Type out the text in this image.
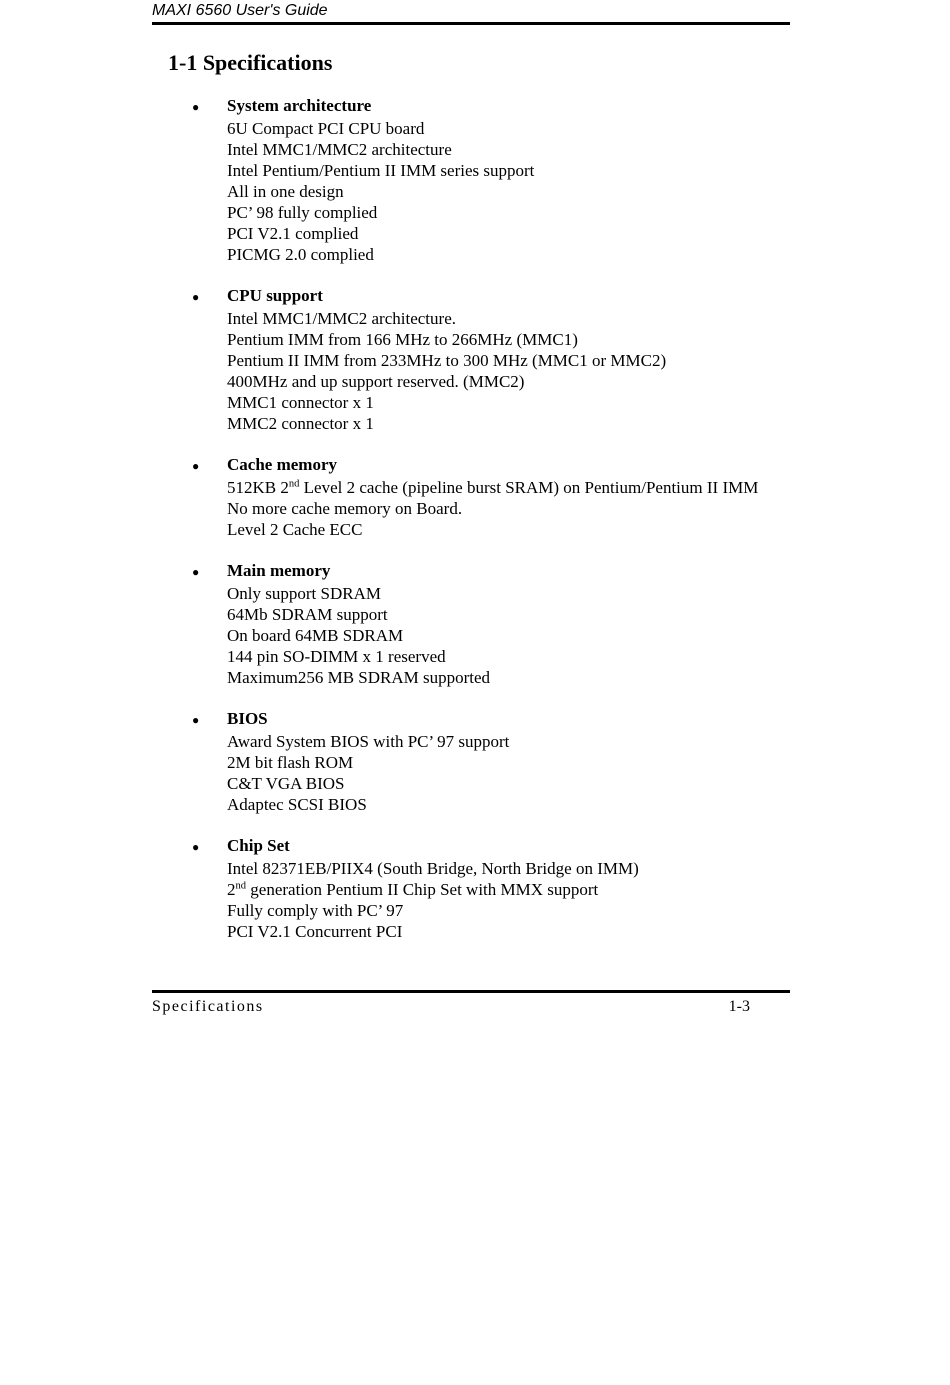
MAXI 6560 User's Guide
1-1 Specifications
●	System architecture
6U Compact PCI CPU board
Intel MMC1/MMC2 architecture
Intel Pentium/Pentium II IMM series support
All in one design
PC’ 98 fully complied
PCI V2.1 complied
PICMG 2.0 complied
●	CPU support
Intel MMC1/MMC2 architecture.
Pentium IMM from 166 MHz to 266MHz (MMC1)
Pentium II IMM from 233MHz to 300 MHz (MMC1 or MMC2)
400MHz and up support reserved. (MMC2)
MMC1 connector x 1
MMC2 connector x 1
●	Cache memory
512KB 2nd Level 2 cache (pipeline burst SRAM) on Pentium/Pentium II IMM
No more cache memory on Board.
Level 2 Cache ECC
●	Main memory
Only support SDRAM
64Mb SDRAM support
On board 64MB SDRAM
144 pin SO-DIMM x 1 reserved
Maximum256 MB SDRAM supported
●	BIOS
Award System BIOS with PC’ 97 support
2M bit flash ROM
C&T VGA BIOS
Adaptec SCSI BIOS
●	Chip Set
Intel 82371EB/PIIX4 (South Bridge, North Bridge on IMM)
2nd generation Pentium II Chip Set with MMX support
Fully comply with PC’ 97
PCI V2.1 Concurrent PCI
Specifications	1-3
